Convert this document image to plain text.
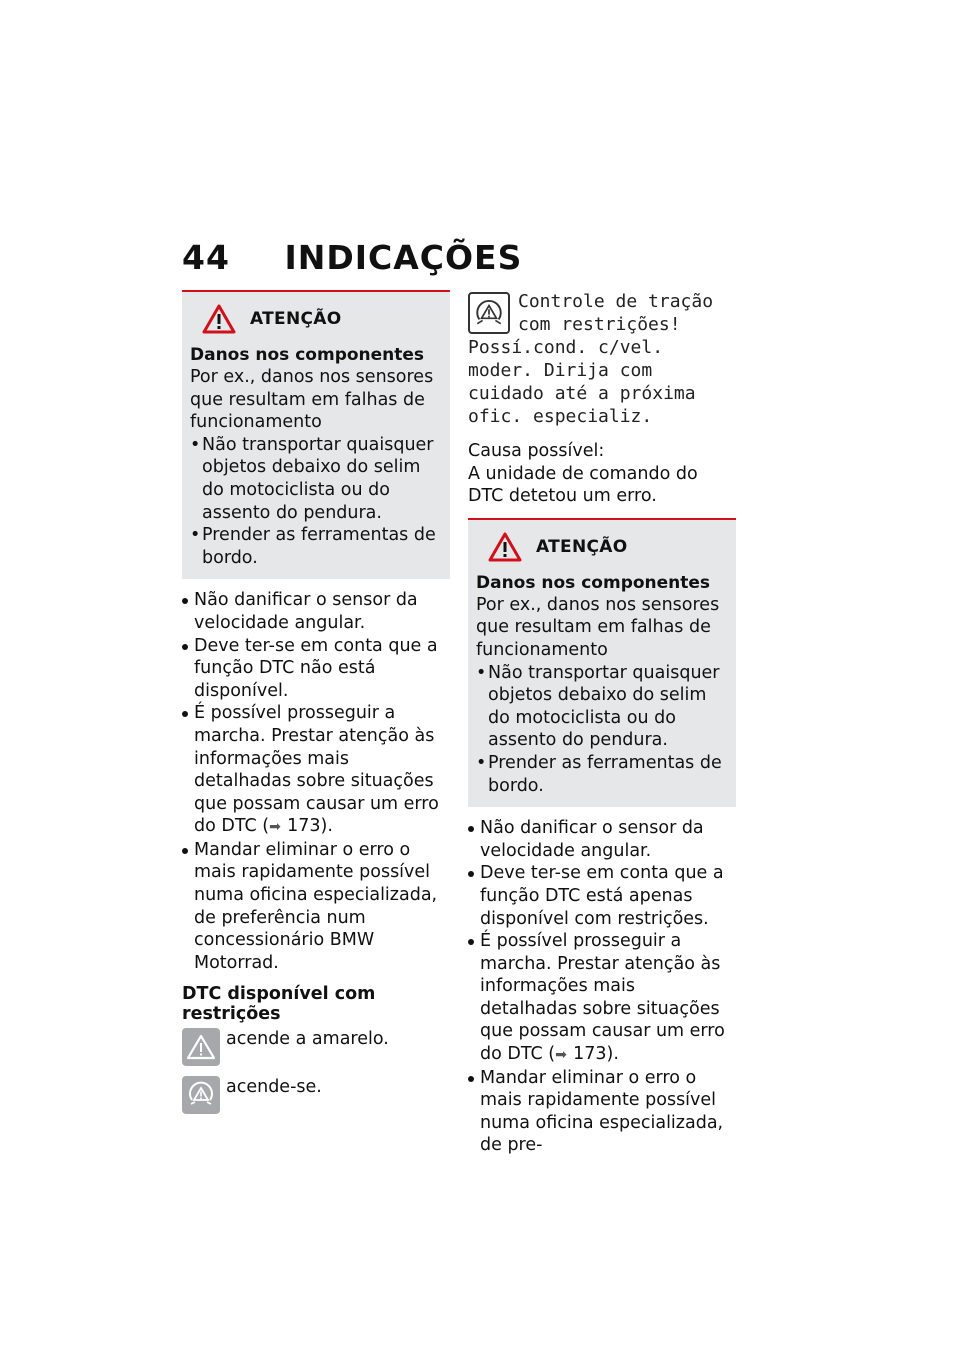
44 INDICAÇÕES
ATENÇÃO
Danos nos componentes
Por ex., danos nos sensores que resultam em falhas de funcionamento
• Não transportar quaisquer objetos debaixo do selim do motociclista ou do assento do pendura.
• Prender as ferramentas de bordo.
Não danificar o sensor da velocidade angular.
Deve ter-se em conta que a função DTC não está disponível.
É possível prosseguir a marcha. Prestar atenção às informações mais detalhadas sobre situações que possam causar um erro do DTC (➡ 173).
Mandar eliminar o erro o mais rapidamente possível numa oficina especializada, de preferência num concessionário BMW Motorrad.
DTC disponível com restrições
acende a amarelo.
acende-se.
Controle de tração com restrições! Possí.cond. c/vel. moder. Dirija com cuidado até a próxima ofic. especializ.
Causa possível:
A unidade de comando do DTC detetou um erro.
ATENÇÃO
Danos nos componentes
Por ex., danos nos sensores que resultam em falhas de funcionamento
• Não transportar quaisquer objetos debaixo do selim do motociclista ou do assento do pendura.
• Prender as ferramentas de bordo.
Não danificar o sensor da velocidade angular.
Deve ter-se em conta que a função DTC está apenas disponível com restrições.
É possível prosseguir a marcha. Prestar atenção às informações mais detalhadas sobre situações que possam causar um erro do DTC (➡ 173).
Mandar eliminar o erro o mais rapidamente possível numa oficina especializada, de pre-
